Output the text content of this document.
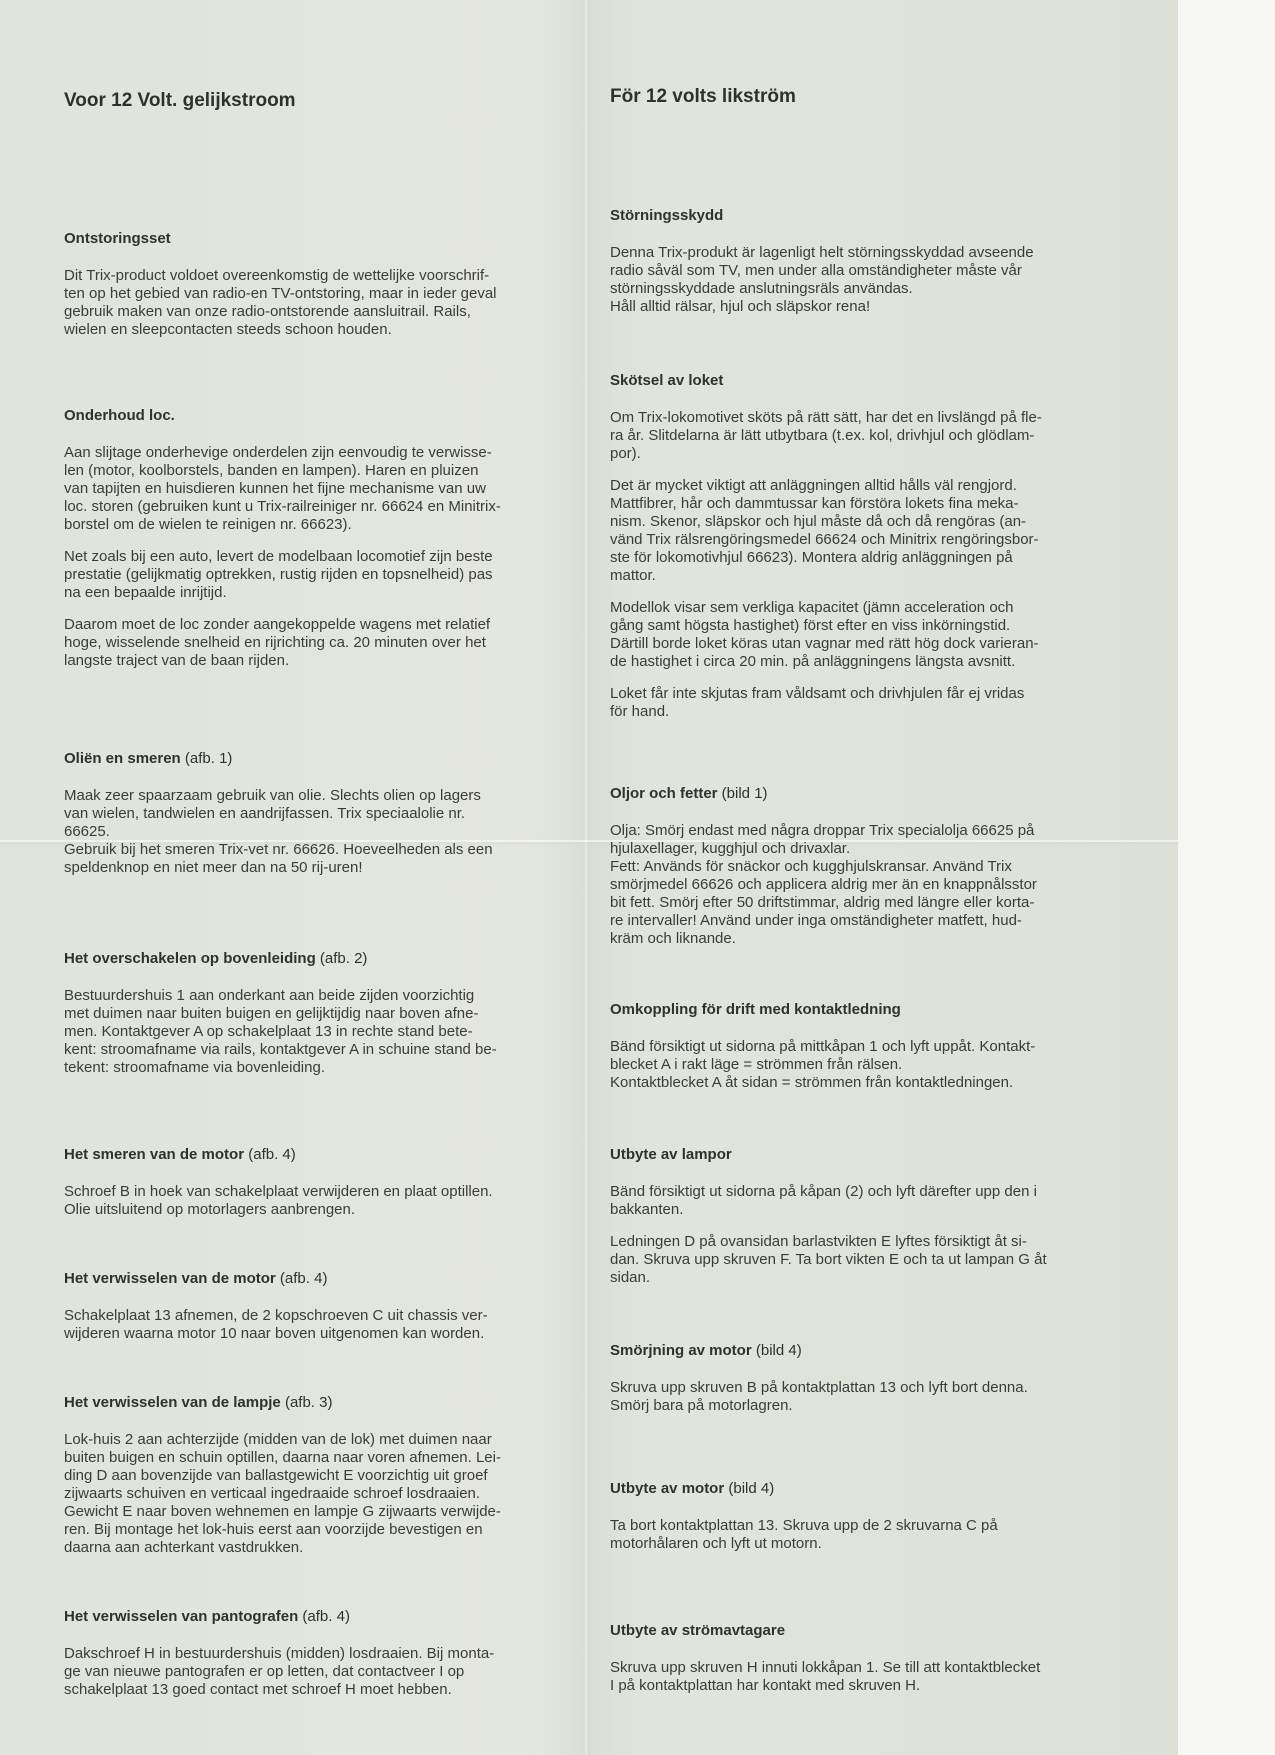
Voor 12 Volt. gelijkstroom
Ontstoringsset

Dit Trix-product voldoet overeenkomstig de wettelijke voorschrif-
ten op het gebied van radio-en TV-ontstoring, maar in ieder geval
gebruik maken van onze radio-ontstorende aansluitrail. Rails,
wielen en sleepcontacten steeds schoon houden.

Onderhoud loc.

Aan slijtage onderhevige onderdelen zijn eenvoudig te verwisse-
len (motor, koolborstels, banden en lampen). Haren en pluizen
van tapijten en huisdieren kunnen het fijne mechanisme van uw
loc. storen (gebruiken kunt u Trix-railreiniger nr. 66624 en Minitrix-
borstel om de wielen te reinigen nr. 66623).

Net zoals bij een auto, levert de modelbaan locomotief zijn beste
prestatie (gelijkmatig optrekken, rustig rijden en topsnelheid) pas
na een bepaalde inrijtijd.

Daarom moet de loc zonder aangekoppelde wagens met relatief
hoge, wisselende snelheid en rijrichting ca. 20 minuten over het
langste traject van de baan rijden.

Oliën en smeren (afb. 1)

Maak zeer spaarzaam gebruik van olie. Slechts olien op lagers
van wielen, tandwielen en aandrijfassen. Trix speciaalolie nr.
66625.
Gebruik bij het smeren Trix-vet nr. 66626. Hoeveelheden als een
speldenknop en niet meer dan na 50 rij-uren!

Het overschakelen op bovenleiding (afb. 2)

Bestuurdershuis 1 aan onderkant aan beide zijden voorzichtig
met duimen naar buiten buigen en gelijktijdig naar boven afne-
men. Kontaktgever A op schakelplaat 13 in rechte stand bete-
kent: stroomafname via rails, kontaktgever A in schuine stand be-
tekent: stroomafname via bovenleiding.

Het smeren van de motor (afb. 4)

Schroef B in hoek van schakelplaat verwijderen en plaat optillen.
Olie uitsluitend op motorlagers aanbrengen.

Het verwisselen van de motor (afb. 4)

Schakelplaat 13 afnemen, de 2 kopschroeven C uit chassis ver-
wijderen waarna motor 10 naar boven uitgenomen kan worden.

Het verwisselen van de lampje (afb. 3)

Lok-huis 2 aan achterzijde (midden van de lok) met duimen naar
buiten buigen en schuin optillen, daarna naar voren afnemen. Lei-
ding D aan bovenzijde van ballastgewicht E voorzichtig uit groef
zijwaarts schuiven en verticaal ingedraaide schroef losdraaien.
Gewicht E naar boven wehnemen en lampje G zijwaarts verwijde-
ren. Bij montage het lok-huis eerst aan voorzijde bevestigen en
daarna aan achterkant vastdrukken.

Het verwisselen van pantografen (afb. 4)

Dakschroef H in bestuurdershuis (midden) losdraaien. Bij monta-
ge van nieuwe pantografen er op letten, dat contactveer I op
schakelplaat 13 goed contact met schroef H moet hebben.

För 12 volts likström
Störningsskydd

Denna Trix-produkt är lagenligt helt störningsskyddad avseende
radio såväl som TV, men under alla omständigheter måste vår
störningsskyddade anslutningsräls användas.
Håll alltid rälsar, hjul och släpskor rena!

Skötsel av loket

Om Trix-lokomotivet sköts på rätt sätt, har det en livslängd på fle-
ra år. Slitdelarna är lätt utbytbara (t.ex. kol, drivhjul och glödlam-
por).

Det är mycket viktigt att anläggningen alltid hålls väl rengjord.
Mattfibrer, hår och dammtussar kan förstöra lokets fina meka-
nism. Skenor, släpskor och hjul måste då och då rengöras (an-
vänd Trix rälsrengöringsmedel 66624 och Minitrix rengöringsbor-
ste för lokomotivhjul 66623). Montera aldrig anläggningen på
mattor.

Modellok visar sem verkliga kapacitet (jämn acceleration och
gång samt högsta hastighet) först efter en viss inkörningstid.
Därtill borde loket köras utan vagnar med rätt hög dock varieran-
de hastighet i circa 20 min. på anläggningens längsta avsnitt.

Loket får inte skjutas fram våldsamt och drivhjulen får ej vridas
för hand.

Oljor och fetter (bild 1)

Olja: Smörj endast med några droppar Trix specialolja 66625 på
hjulaxellager, kugghjul och drivaxlar.
Fett: Används för snäckor och kugghjulskransar. Använd Trix
smörjmedel 66626 och applicera aldrig mer än en knappnålsstor
bit fett. Smörj efter 50 driftstimmar, aldrig med längre eller korta-
re intervaller! Använd under inga omständigheter matfett, hud-
kräm och liknande.

Omkoppling för drift med kontaktledning

Bänd försiktigt ut sidorna på mittkåpan 1 och lyft uppåt. Kontakt-
blecket A i rakt läge = strömmen från rälsen.
Kontaktblecket A åt sidan = strömmen från kontaktledningen.

Utbyte av lampor

Bänd försiktigt ut sidorna på kåpan (2) och lyft därefter upp den i
bakkanten.

Ledningen D på ovansidan barlastvikten E lyftes försiktigt åt si-
dan. Skruva upp skruven F. Ta bort vikten E och ta ut lampan G åt
sidan.

Smörjning av motor (bild 4)

Skruva upp skruven B på kontaktplattan 13 och lyft bort denna.
Smörj bara på motorlagren.

Utbyte av motor (bild 4)

Ta bort kontaktplattan 13. Skruva upp de 2 skruvarna C på
motorhålaren och lyft ut motorn.

Utbyte av strömavtagare

Skruva upp skruven H innuti lokkåpan 1. Se till att kontaktblecket
I på kontaktplattan har kontakt med skruven H.
